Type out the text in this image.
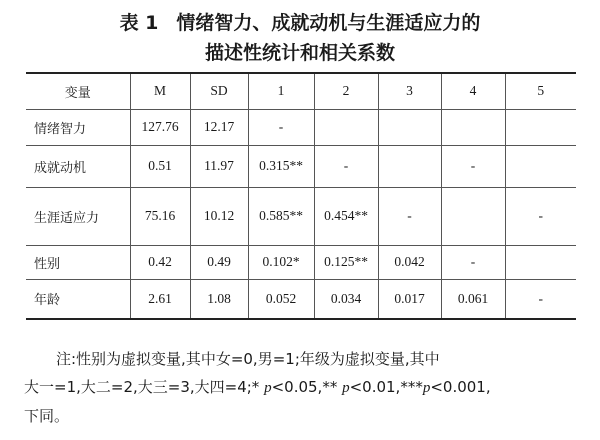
表 1 情绪智力、成就动机与生涯适应力的
描述性统计和相关系数
变量	M	SD	1	2	3	4	5
情绪智力	127.76	12.17	-				
成就动机	0.51	11.97	0.315**	-		-	
生涯适应力	75.16	10.12	0.585**	0.454**	-		-
性别	0.42	0.49	0.102*	0.125**	0.042	-	
年龄	2.61	1.08	0.052	0.034	0.017	0.061	-
注:性别为虚拟变量,其中女=0,男=1;年级为虚拟变量,其中
大一=1,大二=2,大三=3,大四=4;* p<0.05,** p<0.01,***p<0.001,
下同。
